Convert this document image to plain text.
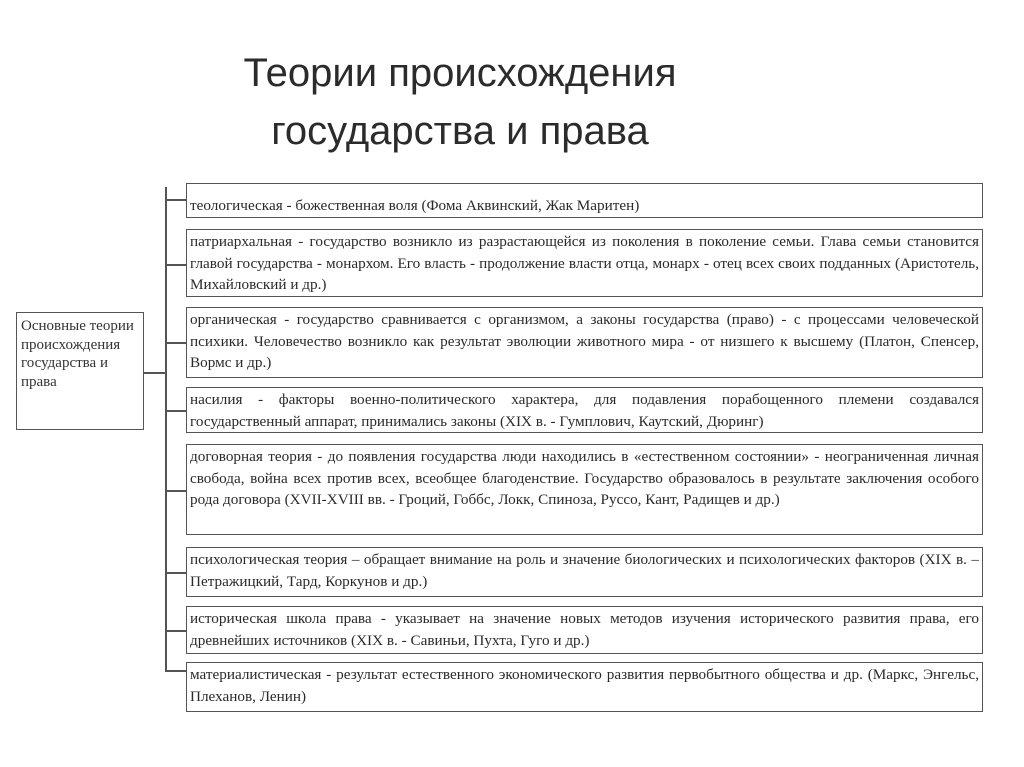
Теории происхождения
государства и права
Основные теории происхождения государства и права
теологическая - божественная воля (Фома Аквинский, Жак Маритен)
патриархальная - государство возникло из разрастающейся из поколения в поколение семьи. Глава семьи становится главой государства - монархом. Его власть - продолжение власти отца, монарх - отец всех своих подданных (Аристотель, Михайловский и др.)
органическая - государство сравнивается с организмом, а законы государства (право) - с процессами человеческой психики. Человечество возникло как результат эволюции животного мира - от низшего к высшему (Платон, Спенсер, Вормс и др.)
насилия - факторы военно-политического характера, для подавления порабощенного племени создавался государственный аппарат, принимались законы (XIX в. - Гумплович, Каутский, Дюринг)
договорная теория - до появления государства люди находились в «естественном состоянии» - неограниченная личная свобода, война всех против всех, всеобщее благоденствие. Государство образовалось в результате заключения особого рода договора (XVII-XVIII вв. - Гроций, Гоббс, Локк, Спиноза, Руссо, Кант, Радищев и др.)
психологическая теория – обращает внимание на роль и значение биологических и психологических факторов (XIX в. – Петражицкий, Тард, Коркунов и др.)
историческая школа права - указывает на значение новых методов изучения исторического развития права, его древнейших источников (XIX в. - Савиньи, Пухта, Гуго и др.)
материалистическая - результат естественного экономического развития первобытного общества и др. (Маркс, Энгельс, Плеханов, Ленин)
